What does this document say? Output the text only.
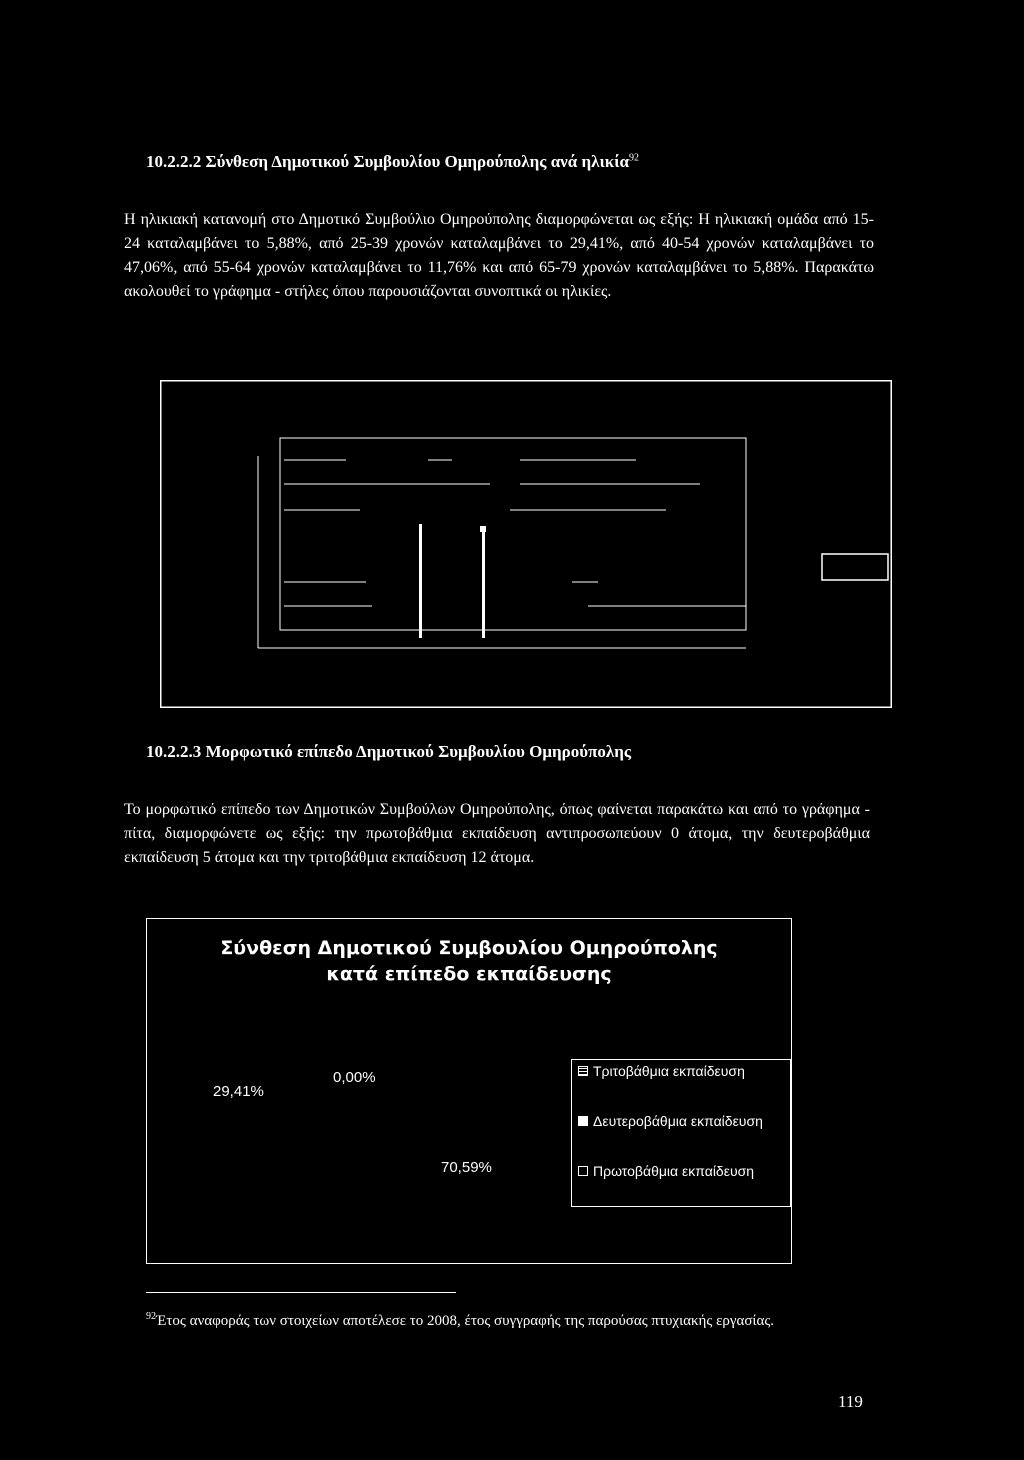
10.2.2.2 Σύνθεση Δημοτικού Συμβουλίου Ομηρούπολης ανά ηλικία$^{92}$
Η ηλικιακή κατανομή στο Δημοτικό Συμβούλιο Ομηρούπολης διαμορφώνεται ως εξής: Η ηλικιακή ομάδα από 15-24 καταλαμβάνει το 5,88%, από 25-39 χρονών καταλαμβάνει το 29,41%, από 40-54 χρονών καταλαμβάνει το 47,06%, από 55-64 χρονών καταλαμβάνει το 11,76% και από 65-79 χρονών καταλαμβάνει το 5,88%. Παρακάτω ακολουθεί το γράφημα - στήλες όπου παρουσιάζονται συνοπτικά οι ηλικίες.
10.2.2.3 Μορφωτικό επίπεδο Δημοτικού Συμβουλίου Ομηρούπολης
Το μορφωτικό επίπεδο των Δημοτικών Συμβούλων Ομηρούπολης, όπως φαίνεται παρακάτω και από το γράφημα - πίτα, διαμορφώνετε ως εξής: την πρωτοβάθμια εκπαίδευση αντιπροσωπεύουν 0 άτομα, την δευτεροβάθμια εκπαίδευση 5 άτομα και την τριτοβάθμια εκπαίδευση 12 άτομα.
Σύνθεση Δημοτικού Συμβουλίου Ομηρούπολης
κατά επίπεδο εκπαίδευσης
29,41%
0,00%
70,59%
Τριτοβάθμια εκπαίδευση
Δευτεροβάθμια εκπαίδευση
Πρωτοβάθμια εκπαίδευση
$^{92}$Έτος αναφοράς των στοιχείων αποτέλεσε το 2008, έτος συγγραφής της παρούσας πτυχιακής εργασίας.
119
